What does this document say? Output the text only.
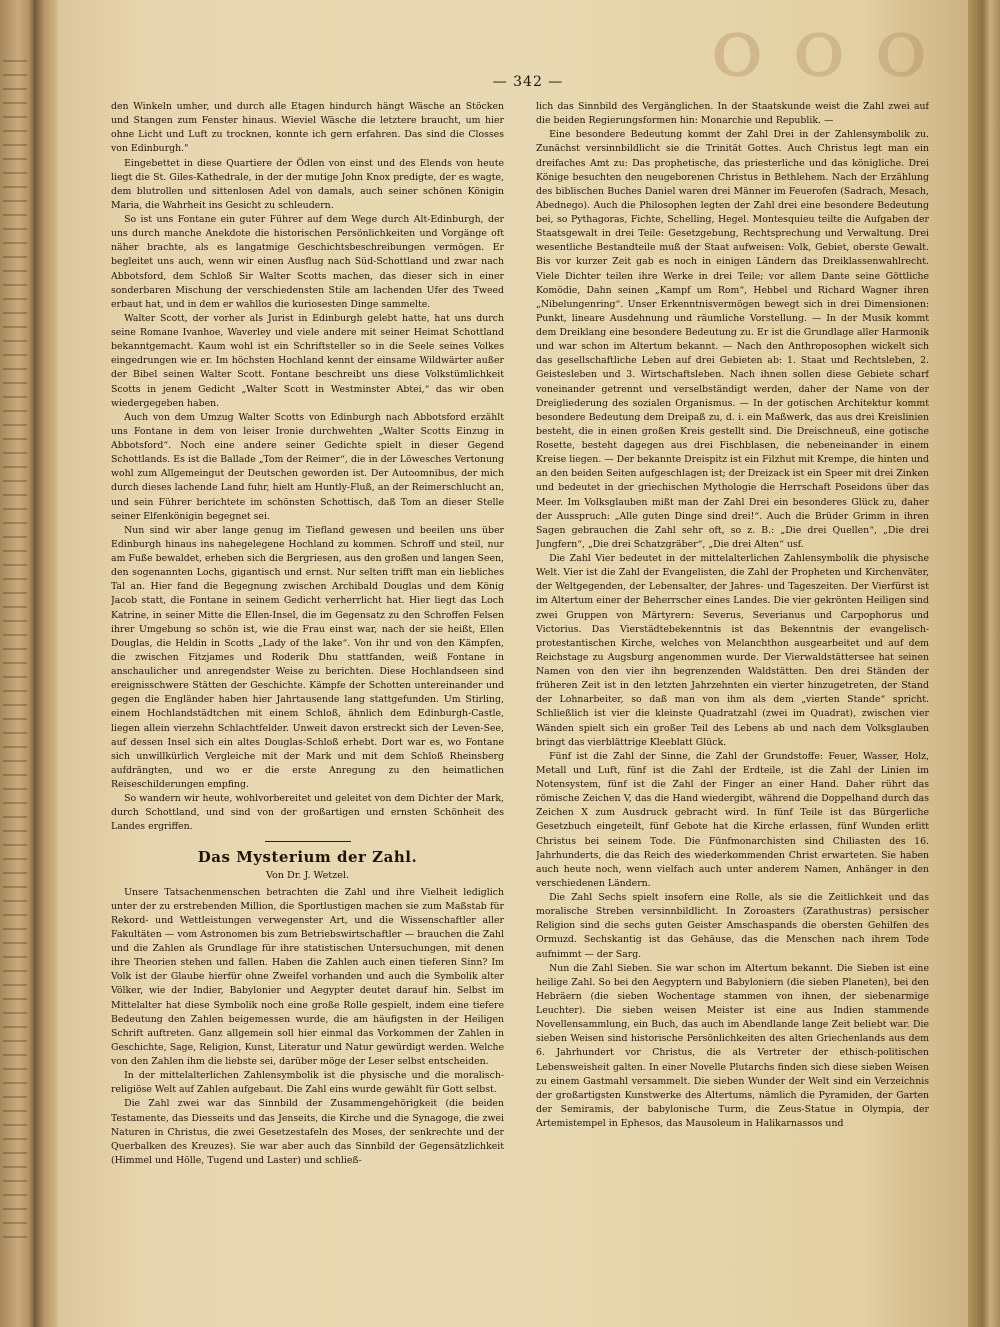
ｏｏｏ
— 342 —

den Winkeln umher, und durch alle Etagen hindurch hängt Wäsche an Stöcken und Stangen zum Fenster hinaus. Wieviel Wäsche die letztere braucht, um hier ohne Licht und Luft zu trocknen, konnte ich gern erfahren. Das sind die Closses von Edinburgh."

Eingebettet in diese Quartiere der Ödlen von einst und des Elends von heute liegt die St. Giles-Kathedrale, in der der mutige John Knox predigte, der es wagte, dem blutrollen und sittenlosen Adel von damals, auch seiner schönen Königin Maria, die Wahrheit ins Gesicht zu schleudern.

So ist uns Fontane ein guter Führer auf dem Wege durch Alt-Edinburgh, der uns durch manche Anekdote die historischen Persönlichkeiten und Vorgänge oft näher brachte, als es langatmige Geschichtsbeschreibungen vermögen. Er begleitet uns auch, wenn wir einen Ausflug nach Süd-Schottland und zwar nach Abbotsford, dem Schloß Sir Walter Scotts machen, das dieser sich in einer sonderbaren Mischung der verschiedensten Stile am lachenden Ufer des Tweed erbaut hat, und in dem er wahllos die kuriosesten Dinge sammelte.

Walter Scott, der vorher als Jurist in Edinburgh gelebt hatte, hat uns durch seine Romane Ivanhoe, Waverley und viele andere mit seiner Heimat Schottland bekanntgemacht. Kaum wohl ist ein Schriftsteller so in die Seele seines Volkes eingedrungen wie er. Im höchsten Hochland kennt der einsame Wildwärter außer der Bibel seinen Walter Scott. Fontane beschreibt uns diese Volkstümlichkeit Scotts in jenem Gedicht „Walter Scott in Westminster Abtei,“ das wir oben wiedergegeben haben.

Auch von dem Umzug Walter Scotts von Edinburgh nach Abbotsford erzählt uns Fontane in dem von leiser Ironie durchwehten „Walter Scotts Einzug in Abbotsford“. Noch eine andere seiner Gedichte spielt in dieser Gegend Schottlands. Es ist die Ballade „Tom der Reimer“, die in der Löwesches Vertonung wohl zum Allgemeingut der Deutschen geworden ist. Der Autoomnibus, der mich durch dieses lachende Land fuhr, hielt am Huntly-Fluß, an der Reimerschlucht an, und sein Führer berichtete im schönsten Schottisch, daß Tom an dieser Stelle seiner Elfenkönigin begegnet sei.

Nun sind wir aber lange genug im Tiefland gewesen und beeilen uns über Edinburgh hinaus ins nahegelegene Hochland zu kommen. Schroff und steil, nur am Fuße bewaldet, erheben sich die Bergriesen, aus den großen und langen Seen, den sogenannten Lochs, gigantisch und ernst. Nur selten trifft man ein liebliches Tal an. Hier fand die Begegnung zwischen Archibald Douglas und dem König Jacob statt, die Fontane in seinem Gedicht verherrlicht hat. Hier liegt das Loch Katrine, in seiner Mitte die Ellen-Insel, die im Gegensatz zu den Schroffen Felsen ihrer Umgebung so schön ist, wie die Frau einst war, nach der sie heißt, Ellen Douglas, die Heldin in Scotts „Lady of the lake“. Von ihr und von den Kämpfen, die zwischen Fitzjames und Roderik Dhu stattfanden, weiß Fontane in anschaulicher und anregendster Weise zu berichten. Diese Hochlandseen sind ereignisschwere Stätten der Geschichte. Kämpfe der Schotten untereinander und gegen die Engländer haben hier Jahrtausende lang stattgefunden. Um Stirling, einem Hochlandstädtchen mit einem Schloß, ähnlich dem Edinburgh-Castle, liegen allein vierzehn Schlachtfelder. Unweit davon erstreckt sich der Leven-See, auf dessen Insel sich ein altes Douglas-Schloß erhebt. Dort war es, wo Fontane sich unwillkürlich Vergleiche mit der Mark und mit dem Schloß Rheinsberg aufdrängten, und wo er die erste Anregung zu den heimatlichen Reiseschilderungen empfing.

So wandern wir heute, wohlvorbereitet und geleitet von dem Dichter der Mark, durch Schottland, und sind von der großartigen und ernsten Schönheit des Landes ergriffen.

Das Mysterium der Zahl.
Von Dr. J. Wetzel.

Unsere Tatsachenmenschen betrachten die Zahl und ihre Vielheit lediglich unter der zu erstrebenden Million, die Sportlustigen machen sie zum Maßstab für Rekord- und Wettleistungen verwegenster Art, und die Wissenschaftler aller Fakultäten — vom Astronomen bis zum Betriebswirtschaftler — brauchen die Zahl und die Zahlen als Grundlage für ihre statistischen Untersuchungen, mit denen ihre Theorien stehen und fallen. Haben die Zahlen auch einen tieferen Sinn? Im Volk ist der Glaube hierfür ohne Zweifel vorhanden und auch die Symbolik alter Völker, wie der Indier, Babylonier und Aegypter deutet darauf hin. Selbst im Mittelalter hat diese Symbolik noch eine große Rolle gespielt, indem eine tiefere Bedeutung den Zahlen beigemessen wurde, die am häufigsten in der Heiligen Schrift auftreten. Ganz allgemein soll hier einmal das Vorkommen der Zahlen in Geschichte, Sage, Religion, Kunst, Literatur und Natur gewürdigt werden. Welche von den Zahlen ihm die liebste sei, darüber möge der Leser selbst entscheiden.

In der mittelalterlichen Zahlensymbolik ist die physische und die moralisch-religiöse Welt auf Zahlen aufgebaut. Die Zahl eins wurde gewählt für Gott selbst.

Die Zahl zwei war das Sinnbild der Zusammengehörigkeit (die beiden Testamente, das Diesseits und das Jenseits, die Kirche und die Synagoge, die zwei Naturen in Christus, die zwei Gesetzestafeln des Moses, der senkrechte und der Querbalken des Kreuzes). Sie war aber auch das Sinnbild der Gegensätzlichkeit (Himmel und Hölle, Tugend und Laster) und schließ-

lich das Sinnbild des Vergänglichen. In der Staatskunde weist die Zahl zwei auf die beiden Regierungsformen hin: Monarchie und Republik. —

Eine besondere Bedeutung kommt der Zahl Drei in der Zahlensymbolik zu. Zunächst versinnbildlicht sie die Trinität Gottes. Auch Christus legt man ein dreifaches Amt zu: Das prophetische, das priesterliche und das königliche. Drei Könige besuchten den neugeborenen Christus in Bethlehem. Nach der Erzählung des biblischen Buches Daniel waren drei Männer im Feuerofen (Sadrach, Mesach, Abednego). Auch die Philosophen legten der Zahl drei eine besondere Bedeutung bei, so Pythagoras, Fichte, Schelling, Hegel. Montesquieu teilte die Aufgaben der Staatsgewalt in drei Teile: Gesetzgebung, Rechtsprechung und Verwaltung. Drei wesentliche Bestandteile muß der Staat aufweisen: Volk, Gebiet, oberste Gewalt. Bis vor kurzer Zeit gab es noch in einigen Ländern das Dreiklassenwahlrecht. Viele Dichter teilen ihre Werke in drei Teile; vor allem Dante seine Göttliche Komödie, Dahn seinen „Kampf um Rom“, Hebbel und Richard Wagner ihren „Nibelungenring“. Unser Erkenntnisvermögen bewegt sich in drei Dimensionen: Punkt, lineare Ausdehnung und räumliche Vorstellung. — In der Musik kommt dem Dreiklang eine besondere Bedeutung zu. Er ist die Grundlage aller Harmonik und war schon im Altertum bekannt. — Nach den Anthroposophen wickelt sich das gesellschaftliche Leben auf drei Gebieten ab: 1. Staat und Rechtsleben, 2. Geistesleben und 3. Wirtschaftsleben. Nach ihnen sollen diese Gebiete scharf voneinander getrennt und verselbständigt werden, daher der Name von der Dreigliederung des sozialen Organismus. — In der gotischen Architektur kommt besondere Bedeutung dem Dreipaß zu, d. i. ein Maßwerk, das aus drei Kreislinien besteht, die in einen großen Kreis gestellt sind. Die Dreischneuß, eine gotische Rosette, besteht dagegen aus drei Fischblasen, die nebeneinander in einem Kreise liegen. — Der bekannte Dreispitz ist ein Filzhut mit Krempe, die hinten und an den beiden Seiten aufgeschlagen ist; der Dreizack ist ein Speer mit drei Zinken und bedeutet in der griechischen Mythologie die Herrschaft Poseidons über das Meer. Im Volksglauben mißt man der Zahl Drei ein besonderes Glück zu, daher der Ausspruch: „Alle guten Dinge sind drei!“. Auch die Brüder Grimm in ihren Sagen gebrauchen die Zahl sehr oft, so z. B.: „Die drei Quellen“, „Die drei Jungfern“, „Die drei Schatzgräber“, „Die drei Alten“ usf.

Die Zahl Vier bedeutet in der mittelalterlichen Zahlensymbolik die physische Welt. Vier ist die Zahl der Evangelisten, die Zahl der Propheten und Kirchenväter, der Weltgegenden, der Lebensalter, der Jahres- und Tageszeiten. Der Vierfürst ist im Altertum einer der Beherrscher eines Landes. Die vier gekrönten Heiligen sind zwei Gruppen von Märtyrern: Severus, Severianus und Carpophorus und Victorius. Das Vierstädtebekenntnis ist das Bekenntnis der evangelisch-protestantischen Kirche, welches von Melanchthon ausgearbeitet und auf dem Reichstage zu Augsburg angenommen wurde. Der Vierwaldstättersee hat seinen Namen von den vier ihn begrenzenden Waldstätten. Den drei Ständen der früheren Zeit ist in den letzten Jahrzehnten ein vierter hinzugetreten, der Stand der Lohnarbeiter, so daß man von ihm als dem „vierten Stande“ spricht. Schließlich ist vier die kleinste Quadratzahl (zwei im Quadrat), zwischen vier Wänden spielt sich ein großer Teil des Lebens ab und nach dem Volksglauben bringt das vierblättrige Kleeblatt Glück.

Fünf ist die Zahl der Sinne, die Zahl der Grundstoffe: Feuer, Wasser, Holz, Metall und Luft, fünf ist die Zahl der Erdteile, ist die Zahl der Linien im Notensystem, fünf ist die Zahl der Finger an einer Hand. Daher rührt das römische Zeichen V, das die Hand wiedergibt, während die Doppelhand durch das Zeichen X zum Ausdruck gebracht wird. In fünf Teile ist das Bürgerliche Gesetzbuch eingeteilt, fünf Gebote hat die Kirche erlassen, fünf Wunden erlitt Christus bei seinem Tode. Die Fünfmonarchisten sind Chiliasten des 16. Jahrhunderts, die das Reich des wiederkommenden Christ erwarteten. Sie haben auch heute noch, wenn vielfach auch unter anderem Namen, Anhänger in den verschiedenen Ländern.

Die Zahl Sechs spielt insofern eine Rolle, als sie die Zeitlichkeit und das moralische Streben versinnbildlicht. In Zoroasters (Zarathustras) persischer Religion sind die sechs guten Geister Amschaspands die obersten Gehilfen des Ormuzd. Sechskantig ist das Gehäuse, das die Menschen nach ihrem Tode aufnimmt — der Sarg.

Nun die Zahl Sieben. Sie war schon im Altertum bekannt. Die Sieben ist eine heilige Zahl. So bei den Aegyptern und Babyloniern (die sieben Planeten), bei den Hebräern (die sieben Wochentage stammen von ihnen, der siebenarmige Leuchter). Die sieben weisen Meister ist eine aus Indien stammende Novellensammlung, ein Buch, das auch im Abendlande lange Zeit beliebt war. Die sieben Weisen sind historische Persönlichkeiten des alten Griechenlands aus dem 6. Jahrhundert vor Christus, die als Vertreter der ethisch-politischen Lebensweisheit galten. In einer Novelle Plutarchs finden sich diese sieben Weisen zu einem Gastmahl versammelt. Die sieben Wunder der Welt sind ein Verzeichnis der großartigsten Kunstwerke des Altertums, nämlich die Pyramiden, der Garten der Semiramis, der babylonische Turm, die Zeus-Statue in Olympia, der Artemistempel in Ephesos, das Mausoleum in Halikarnassos und
